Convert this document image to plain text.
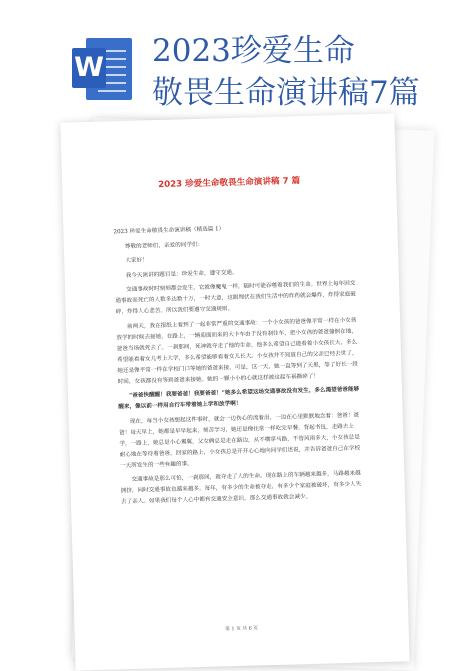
W 2023珍爱生命
敬畏生命演讲稿7篇
2023 珍爱生命敬畏生命演讲稿 7 篇

2023 珍爱生命敬畏生命演讲稿（精选篇 1）

尊敬的老师们，亲爱的同学们：

大家好！

我今天演讲的题目是：珍爱生命，遵守交通。

交通事故时时刻刻都会发生，它就像魔鬼一样，随时可能吞噬着我们的生命。世界上每年因交通事故而死亡的人数多达数十万，一时大意，这眼埋伏在我们生活中的炸药就会爆炸，炸得家庭破碎，炸得人心悲苦。所以我们要遵守交通规则。

前两天，我在报纸上看到了一起非常严重的交通事故：一个小女孩的爸爸像平常一样在小女孩放学的时候去接她，在路上，一辆迎面而来的大卡车由于没有刹住车，把小女孩的爸爸撞倒在地，爸爸当场就死去了。一刹那间，死神就夺走了他的生命，他多么希望自己能看着小女孩长大，多么希望能看着女儿考上大学，多么希望能够看着女儿长大。小女孩并不知道自己的父亲已经去世了，她还是像平常一样在学校门口等她的爸爸来接。可是，这一天，她一直等到了天黑，等了好长一段时间，女孩都没有等到爸爸来接她。她的一颗小小的心就这样被这起车祸撕碎了！

“爸爸快醒醒！我要爸爸！我要爸爸！”她多么希望这场交通事故没有发生，多么渴望爸爸能够醒来，像以前一样用自行车带着她上学和放学啊！

现在，每当小女孩想起这件事时，就会一边伤心的流着泪，一边在心里默默地念着：爸爸！爸爸！每天早上，她都是早早起来，刻苦学习，她还是像往常一样吃完早餐，背起书包，走路去上学，一路上，她总是小心翼翼，父女俩总是走在路边，从不横穿马路，不管风雨多大，小女孩总是耐心地在等待着爸爸。回家的路上，小女孩总是开开心心地向同学们述说，并告诉爸爸自己在学校一天所发生的一些有趣的事。

交通事故是那么可怕，一刹那间，就夺走了人的生命。现在路上的车辆越来越多，马路越来越拥挤，同时交通事故也越来越多。每年，有多少的生命被夺走，有多少个家庭被破坏，有多少人失去了亲人。如果我们每个人心中都有交通安全意识，那么交通事故就会减少。

第 1 页 共 6 页
